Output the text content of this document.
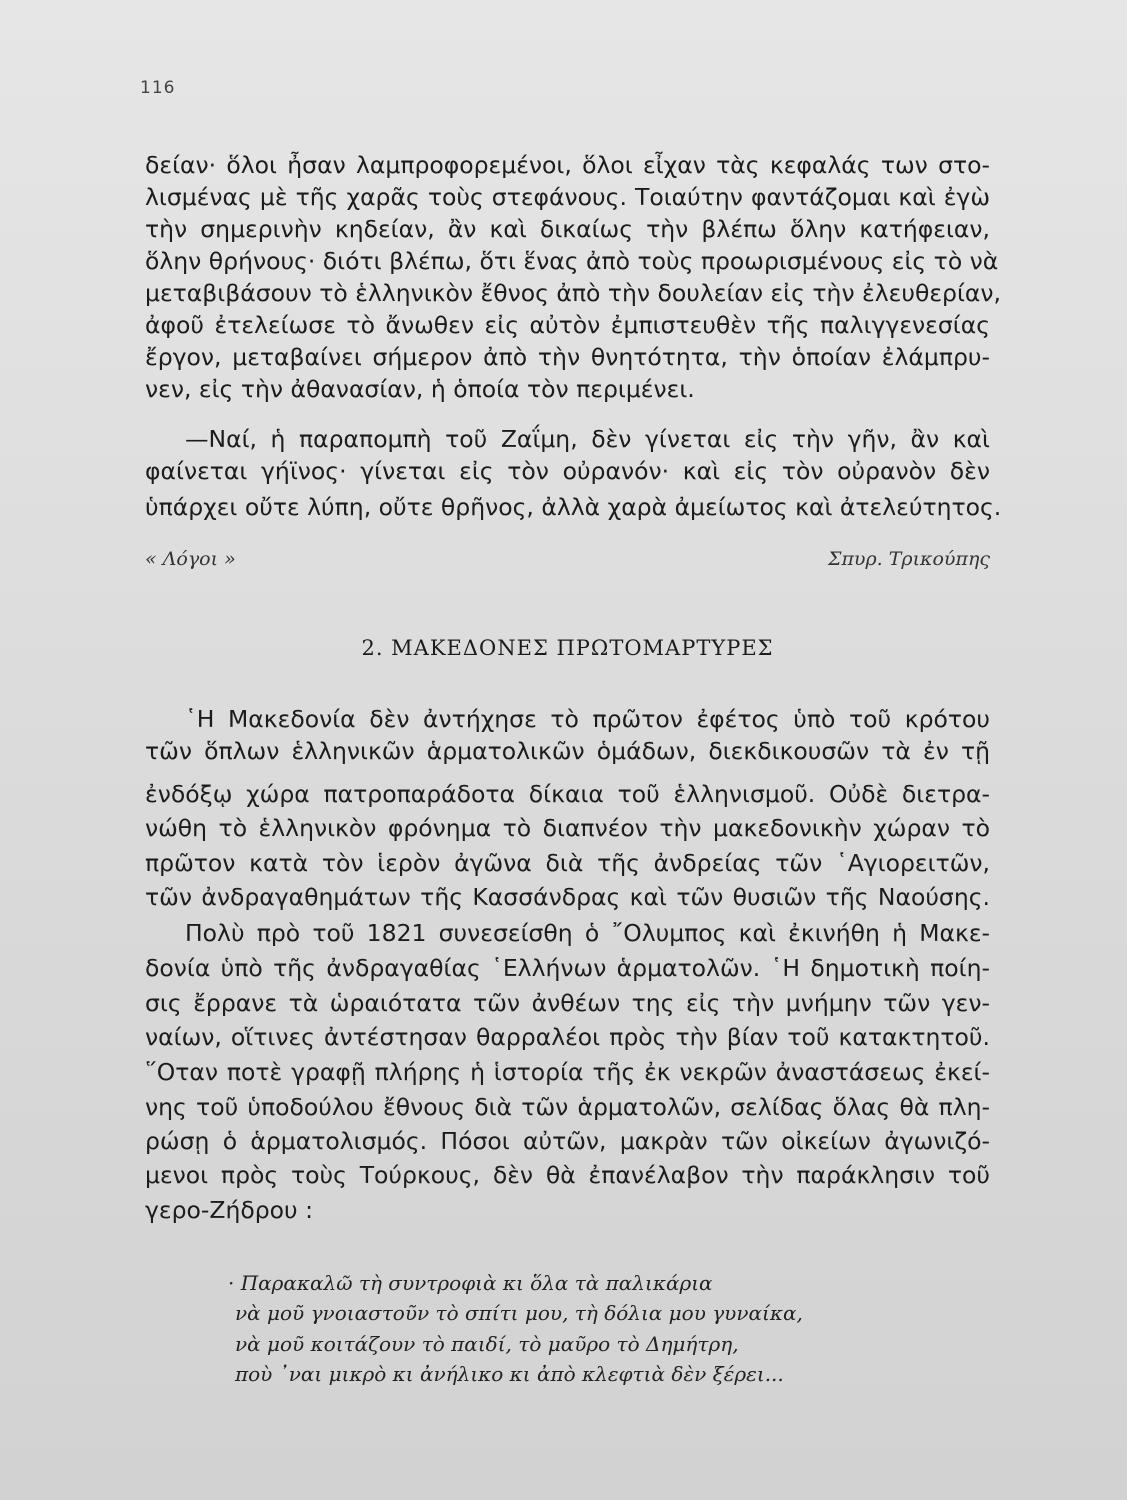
116
δείαν· ὅλοι ἦσαν λαμπροφορεμένοι, ὅλοι εἶχαν τὰς κεφαλάς των στο-
λισμένας μὲ τῆς χαρᾶς τοὺς στεφάνους. Τοιαύτην φαντάζομαι καὶ ἐγὼ
τὴν σημερινὴν κηδείαν, ἂν καὶ δικαίως τὴν βλέπω ὅλην κατήφειαν,
ὅλην θρήνους· διότι βλέπω, ὅτι ἕνας ἀπὸ τοὺς προωρισμένους εἰς τὸ νὰ
μεταβιβάσουν τὸ ἑλληνικὸν ἔθνος ἀπὸ τὴν δουλείαν εἰς τὴν ἐλευθερίαν,
ἀφοῦ ἐτελείωσε τὸ ἄνωθεν εἰς αὐτὸν ἐμπιστευθὲν τῆς παλιγγενεσίας
ἔργον, μεταβαίνει σήμερον ἀπὸ τὴν θνητότητα, τὴν ὁποίαν ἐλάμπρυ-
νεν, εἰς τὴν ἀθανασίαν, ἡ ὁποία τὸν περιμένει.
—Ναί, ἡ παραπομπὴ τοῦ Ζαΐμη, δὲν γίνεται εἰς τὴν γῆν, ἂν καὶ
φαίνεται γήϊνος· γίνεται εἰς τὸν οὐρανόν· καὶ εἰς τὸν οὐρανὸν δὲν
ὑπάρχει οὔτε λύπη, οὔτε θρῆνος, ἀλλὰ χαρὰ ἀμείωτος καὶ ἀτελεύτητος.
« Λόγοι »	Σπυρ. Τρικούπης
2. ΜΑΚΕΔΟΝΕΣ ΠΡΩΤΟΜΑΡΤΥΡΕΣ
῾Η Μακεδονία δὲν ἀντήχησε τὸ πρῶτον ἐφέτος ὑπὸ τοῦ κρότου
τῶν ὅπλων ἑλληνικῶν ἁρματολικῶν ὁμάδων, διεκδικουσῶν τὰ ἐν τῇ
ἐνδόξῳ χώρα πατροπαράδοτα δίκαια τοῦ ἑλληνισμοῦ. Οὐδὲ διετρα-
νώθη τὸ ἑλληνικὸν φρόνημα τὸ διαπνέον τὴν μακεδονικὴν χώραν τὸ
πρῶτον κατὰ τὸν ἱερὸν ἀγῶνα διὰ τῆς ἀνδρείας τῶν ῾Αγιορειτῶν,
τῶν ἀνδραγαθημάτων τῆς Κασσάνδρας καὶ τῶν θυσιῶν τῆς Ναούσης.
Πολὺ πρὸ τοῦ 1821 συνεσείσθη ὁ ῎Ολυμπος καὶ ἐκινήθη ἡ Μακε-
δονία ὑπὸ τῆς ἀνδραγαθίας ῾Ελλήνων ἁρματολῶν. ῾Η δημοτικὴ ποίη-
σις ἔρρανε τὰ ὡραιότατα τῶν ἀνθέων της εἰς τὴν μνήμην τῶν γεν-
ναίων, οἵτινες ἀντέστησαν θαρραλέοι πρὸς τὴν βίαν τοῦ κατακτητοῦ.
῞Οταν ποτὲ γραφῇ πλήρης ἡ ἱστορία τῆς ἐκ νεκρῶν ἀναστάσεως ἐκεί-
νης τοῦ ὑποδούλου ἔθνους διὰ τῶν ἁρματολῶν, σελίδας ὅλας θὰ πλη-
ρώσῃ ὁ ἁρματολισμός. Πόσοι αὐτῶν, μακρὰν τῶν οἰκείων ἀγωνιζό-
μενοι πρὸς τοὺς Τούρκους, δὲν θὰ ἐπανέλαβον τὴν παράκλησιν τοῦ
γερο-Ζήδρου :
· Παρακαλῶ τὴ συντροφιὰ κι ὅλα τὰ παλικάρια
νὰ μοῦ γνοιαστοῦν τὸ σπίτι μου, τὴ δόλια μου γυναίκα,
νὰ μοῦ κοιτάζουν τὸ παιδί, τὸ μαῦρο τὸ Δημήτρη,
ποὺ ᾽ναι μικρὸ κι ἀνήλικο κι ἀπὸ κλεφτιὰ δὲν ξέρει...
